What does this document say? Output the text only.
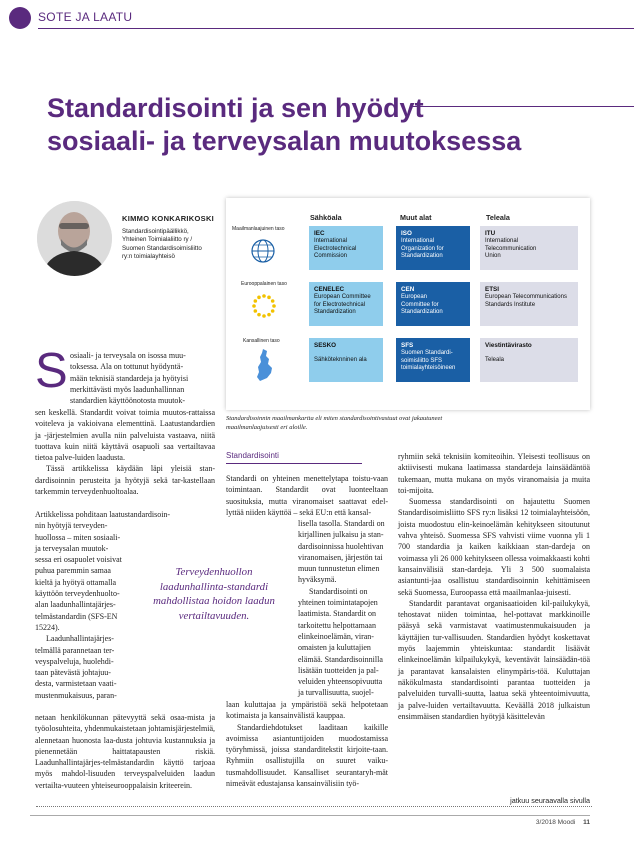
SOTE JA LAATU
Standardisointi ja sen hyödyt
sosiaali- ja terveysalan muutoksessa
KIMMO KONKARIKOSKI
Standardisointipäällikkö,
Yhteinen Toimialaliitto ry /
Suomen Standardisoimisliitto
ry:n toimialayhteisö
Sähköala	Muut alat	Teleala
Maailmanlaajuinen taso
IEC
International
Electrotechnical
Commission
ISO
International
Organization for
Standardization
ITU
International
Telecommunication
Union
Eurooppalainen taso
CENELEC
European Committee
for Electrotechnical
Standardization
CEN
European
Committee for
Standardization
ETSI
European Telecommunications
Standards Institute
Kansallinen taso
SESKO
Sähköteknninen ala
SFS
Suomen Standardi-
soimisliitto SFS
toimialayhteisöineen
Viestintävirasto
Teleala
Standardisoinnin maailmankartta eli miten standardisointivastuut ovat jakautuneet
maailmanlaajuisesti eri aloille.
S osiaali- ja terveysala on isossa muu-
toksessa. Ala on tottunut hyödyntä-
mään teknisiä standardeja ja hyötyisi
merkittävästi myös laadunhallinnan
standardien käyttöönotosta muutok-

sen keskellä. Standardit voivat toimia muutos-rattaissa voiteleva ja vakioivana elementtinä. Laatustandardien ja -järjestelmien avulla niin palveluista vastaava, niitä tuottava kuin niitä käyttävä osapuoli saa vertailtavaa tietoa palve-luiden laadusta.

Tässä artikkelissa käydään läpi yleisiä stan-dardisoinnin perusteita ja hyötyjä sekä tar-kastellaan tarkemmin terveydenhuoltoalaa.

Artikkelissa pohditaan laatustandardisoin-
nin hyötyjä terveyden-
huollossa – miten sosiaali-
ja terveysalan muutok-
sessa eri osapuolet voisivat
puhua paremmin samaa
kieltä ja hyötyä ottamalla
käyttöön terveydenhuolto-
alan laadunhallintajärjes-
telmästandardin (SFS-EN
15224).
Laadunhallintajärjes-
telmällä parannetaan ter-
veyspalveluja, huolehdi-
taan pätevästä johtajuu-
desta, varmistetaan vaati-
mustenmukaisuus, paran-

netaan henkilökunnan pätevyyttä sekä osaa-mista ja työolosuhteita, yhdenmukaistetaan johtamisjärjestelmiä, alennetaan huonosta laa-dusta johtuvia kustannuksia ja pienennetään haittatapausten riskiä. Laadunhallintajärjes-telmästandardin käyttö tarjoaa myös mahdol-lisuuden terveyspalveluiden laadun vertailta-vuuteen yhteiseurooppalaisin kriteerein.

Terveydenhuollon laadunhallinta-standardi mahdollistaa hoidon laadun vertailtavuuden.
Standardisointi

Standardi on yhteinen menettelytapa toistu-vaan toimintaan. Standardit ovat luonteeltaan suosituksia, mutta viranomaiset saattavat edel-lyttää niiden käyttöä – sekä EU:n että kansal-

lisella tasolla. Standardi on
kirjallinen julkaisu ja stan-
dardisoinnissa huolehtivan
viranomaisen, järjestön tai
muun tunnustetun elimen
hyväksymä.
Standardisointi on
yhteinen toimintatapojen
laatimista. Standardit on
tarkoitettu helpottamaan
elinkeinoelämän, viran-
omaisten ja kuluttajien
elämää. Standardisoinnilla
lisätään tuotteiden ja pal-
veluiden yhteensopivuutta
ja turvallisuutta, suojel-

laan kuluttajaa ja ympäristöä sekä helpotetaan kotimaista ja kansainvälistä kauppaa.

Standardiehdotukset laaditaan kaikille avoimissa asiantuntijoiden muodostamissa työryhmissä, joissa standarditekstit kirjoite-taan. Ryhmiin osallistujilla on suuret vaiku-tusmahdollisuudet. Kansalliset seurantaryh-mät nimeävät edustajansa kansainvälisiin työ-

ryhmiin sekä teknisiin komiteoihin. Yleisesti teollisuus on aktiivisesti mukana laatimassa standardeja lainsäädäntöä tukemaan, mutta mukana on myös viranomaisia ja muita toi-mijoita.

Suomessa standardisointi on hajautettu Suomen Standardisoimisliitto SFS ry:n lisäksi 12 toimialayhteisöön, joista muodostuu elin-keinoelämän kehitykseen sitoutunut vahva yhteisö. Suomessa SFS vahvisti viime vuonna yli 1 700 standardia ja kaiken kaikkiaan stan-dardeja on voimassa yli 26 000 kehitykseen ollessa voimakkaasti kohti kansainvälisiä stan-dardeja. Yli 3 500 suomalaista asiantunti-jaa osallistuu standardisoinnin kehittämiseen sekä Suomessa, Euroopassa että maailmanlaa-juisesti.

Standardit parantavat organisaatioiden kil-pailukykyä, tehostavat niiden toimintaa, hel-pottavat markkinoille pääsyä sekä varmistavat vaatimustenmukaisuuden ja käyttäjien tur-vallisuuden. Standardien hyödyt koskettavat myös laajemmin yhteiskuntaa: standardit lisäävät elinkeinoelämän kilpailukykyä, keventävät lainsäädän-töä ja parantavat kansalaisten elinympäris-töä. Kuluttajan näkökulmasta standardisointi parantaa tuotteiden ja palveluiden turvalli-suutta, laatua sekä yhteentoimivuutta, ja palve-luiden vertailtavuutta. Keväällä 2018 julkaistun ensimmäisen standardien hyötyjä käsittelevän

jatkuu seuraavalla sivulla
3/2018 Moodi 11
